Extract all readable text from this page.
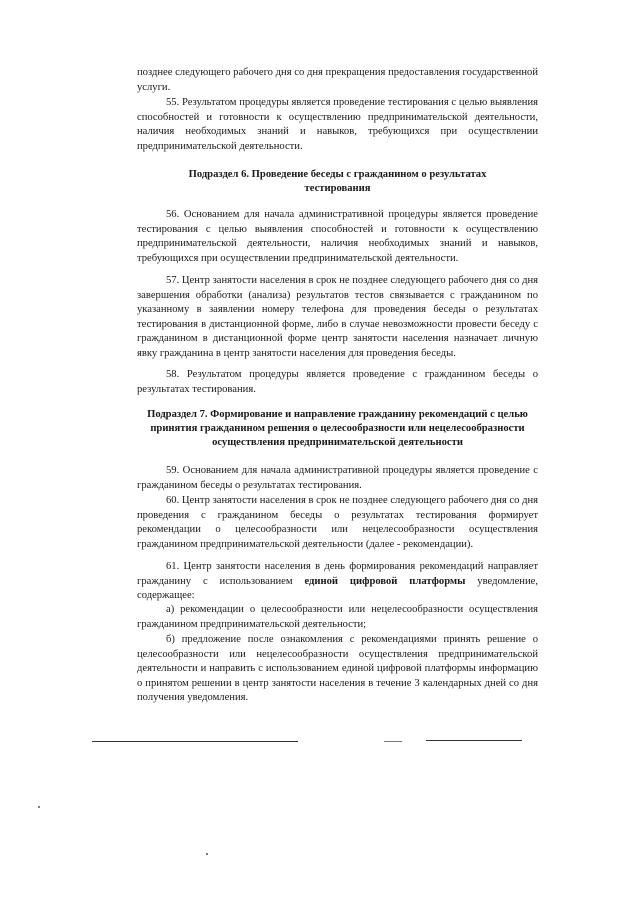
позднее следующего рабочего дня со дня прекращения предоставления государственной услуги.

55. Результатом процедуры является проведение тестирования с целью выявления способностей и готовности к осуществлению предпринимательской деятельности, наличия необходимых знаний и навыков, требующихся при осуществлении предпринимательской деятельности.

Подраздел 6. Проведение беседы с гражданином о результатах тестирования

56. Основанием для начала административной процедуры является проведение тестирования с целью выявления способностей и готовности к осуществлению предпринимательской деятельности, наличия необходимых знаний и навыков, требующихся при осуществлении предпринимательской деятельности.

57. Центр занятости населения в срок не позднее следующего рабочего дня со дня завершения обработки (анализа) результатов тестов связывается с гражданином по указанному в заявлении номеру телефона для проведения беседы о результатах тестирования в дистанционной форме, либо в случае невозможности провести беседу с гражданином в дистанционной форме центр занятости населения назначает личную явку гражданина в центр занятости населения для проведения беседы.

58. Результатом процедуры является проведение с гражданином беседы о результатах тестирования.

Подраздел 7. Формирование и направление гражданину рекомендаций с целью принятия гражданином решения о целесообразности или нецелесообразности осуществления предпринимательской деятельности

59. Основанием для начала административной процедуры является проведение с гражданином беседы о результатах тестирования.

60. Центр занятости населения в срок не позднее следующего рабочего дня со дня проведения с гражданином беседы о результатах тестирования формирует рекомендации о целесообразности или нецелесообразности осуществления гражданином предпринимательской деятельности (далее - рекомендации).

61. Центр занятости населения в день формирования рекомендаций направляет гражданину с использованием единой цифровой платформы уведомление, содержащее:

а) рекомендации о целесообразности или нецелесообразности осуществления гражданином предпринимательской деятельности;

б) предложение после ознакомления с рекомендациями принять решение о целесообразности или нецелесообразности осуществления предпринимательской деятельности и направить с использованием единой цифровой платформы информацию о принятом решении в центр занятости населения в течение 3 календарных дней со дня получения уведомления.
